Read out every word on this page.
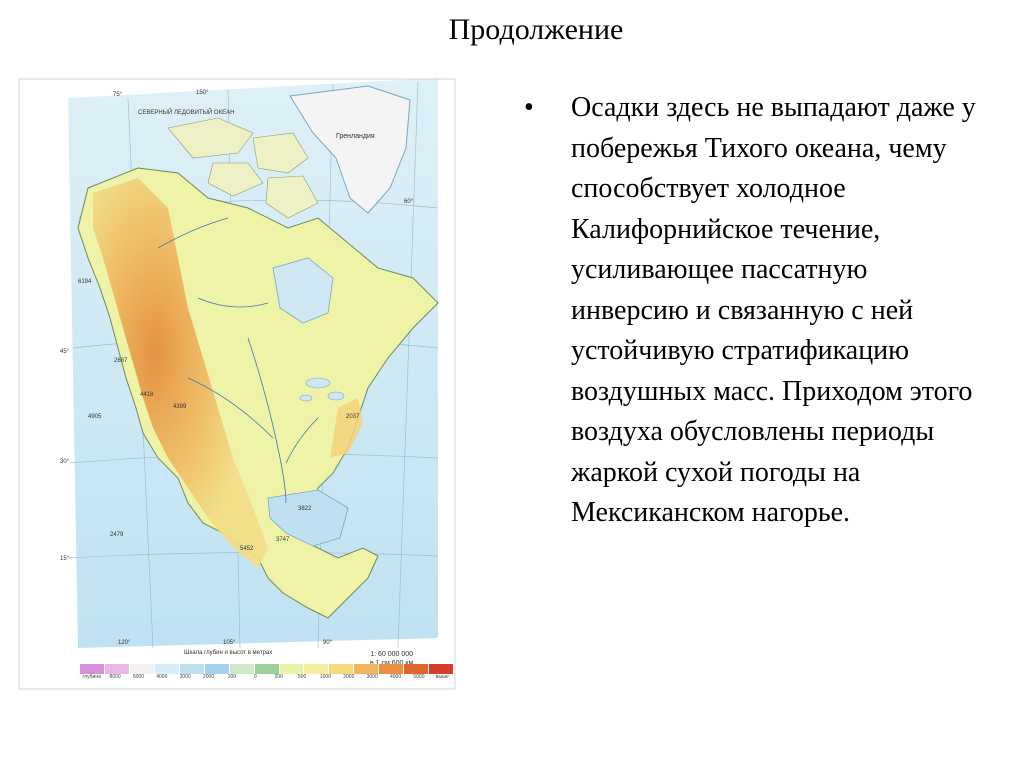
Продолжение
СЕВЕРНЫЙ ЛЕДОВИТЫЙ ОКЕАН
Гренландия
60°
45°
30°
15°
120°	105°	90°
75°	150°
6194
2687
4399
4418
4905	2037
3822
3747
5452
2479
1: 60 000 000
Шкала глубин и высот в метрах
глубина	8000	5000	4000	3000	2000	200	0	200	500	1000	2000	3000	4000	5000	выше
• Осадки здесь не выпадают даже у побережья Тихого океана, чему способствует холодное Калифорнийское течение, усиливающее пассатную инверсию и связанную с ней устойчивую стратификацию воздушных масс. Приходом этого воздуха обусловлены периоды жаркой сухой погоды на Мексиканском нагорье.
